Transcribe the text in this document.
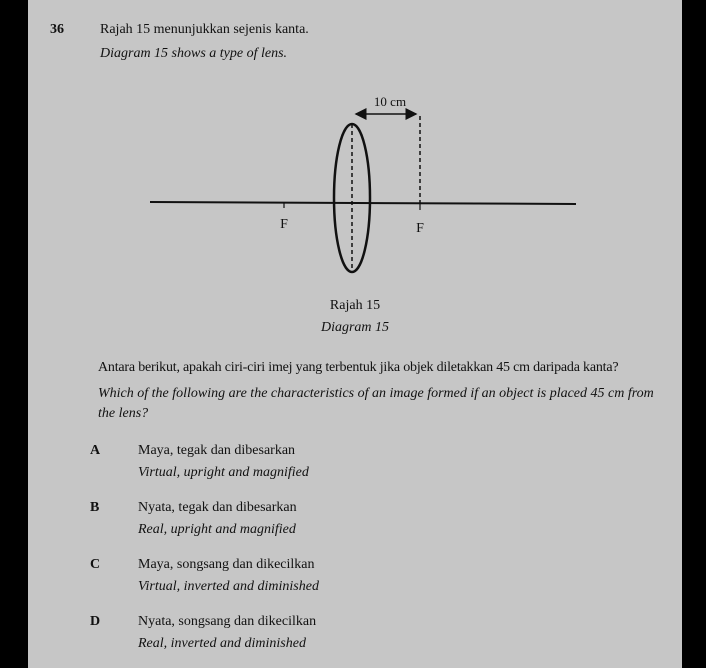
36	Rajah 15 menunjukkan sejenis kanta.
Diagram 15 shows a type of lens.
10 cm
F	F
Rajah 15
Diagram 15
Antara berikut, apakah ciri-ciri imej yang terbentuk jika objek diletakkan 45 cm daripada kanta?
Which of the following are the characteristics of an image formed if an object is placed 45 cm from the lens?
A	Maya, tegak dan dibesarkan
Virtual, upright and magnified
B	Nyata, tegak dan dibesarkan
Real, upright and magnified
C	Maya, songsang dan dikecilkan
Virtual, inverted and diminished
D	Nyata, songsang dan dikecilkan
Real, inverted and diminished
